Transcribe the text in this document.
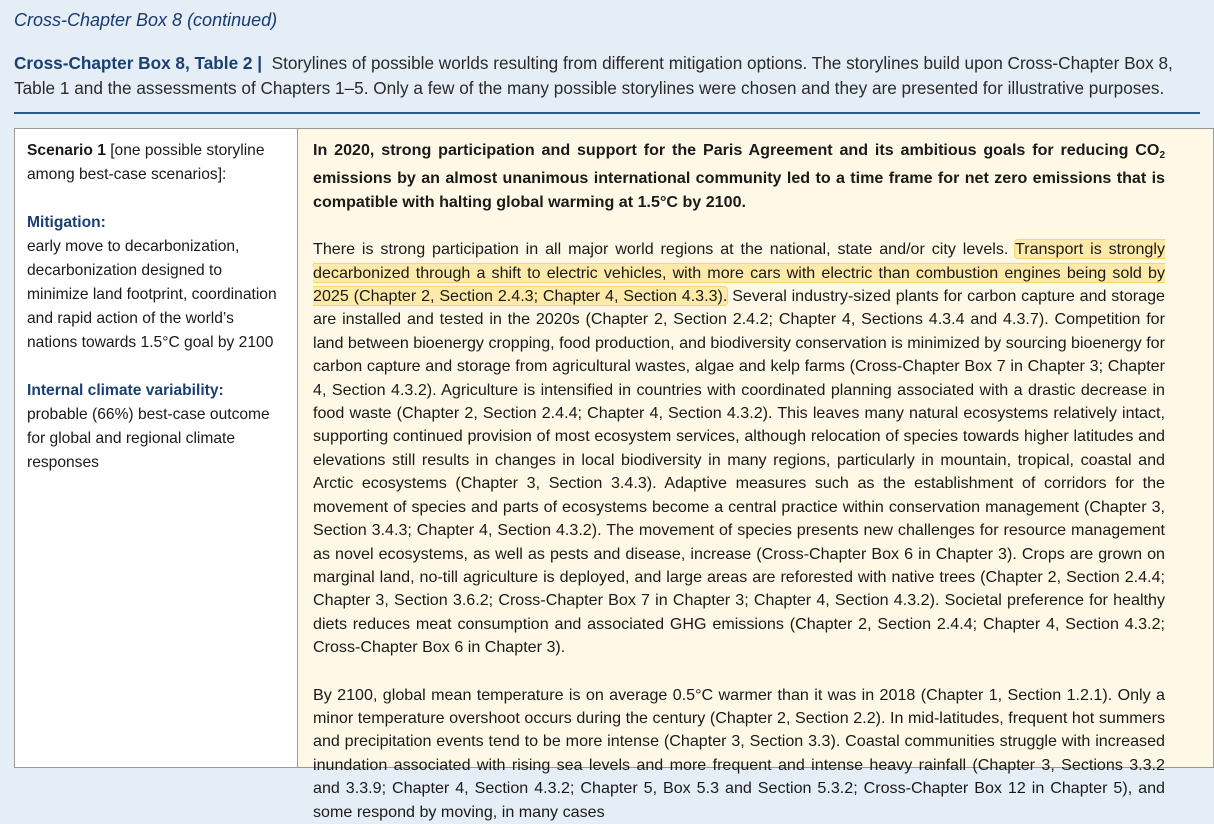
Cross-Chapter Box 8 (continued)
Cross-Chapter Box 8, Table 2 | Storylines of possible worlds resulting from different mitigation options. The storylines build upon Cross-Chapter Box 8, Table 1 and the assessments of Chapters 1–5. Only a few of the many possible storylines were chosen and they are presented for illustrative purposes.
Scenario 1 [one possible storyline among best-case scenarios]:
Mitigation:
early move to decarbonization, decarbonization designed to minimize land footprint, coordination and rapid action of the world’s nations towards 1.5°C goal by 2100
Internal climate variability:
probable (66%) best-case outcome for global and regional climate responses

In 2020, strong participation and support for the Paris Agreement and its ambitious goals for reducing $CO_2$ emissions by an almost unanimous international community led to a time frame for net zero emissions that is compatible with halting global warming at 1.5°C by 2100.

There is strong participation in all major world regions at the national, state and/or city levels. Transport is strongly decarbonized through a shift to electric vehicles, with more cars with electric than combustion engines being sold by 2025 (Chapter 2, Section 2.4.3; Chapter 4, Section 4.3.3). Several industry-sized plants for carbon capture and storage are installed and tested in the 2020s (Chapter 2, Section 2.4.2; Chapter 4, Sections 4.3.4 and 4.3.7). Competition for land between bioenergy cropping, food production, and biodiversity conservation is minimized by sourcing bioenergy for carbon capture and storage from agricultural wastes, algae and kelp farms (Cross-Chapter Box 7 in Chapter 3; Chapter 4, Section 4.3.2). Agriculture is intensified in countries with coordinated planning associated with a drastic decrease in food waste (Chapter 2, Section 2.4.4; Chapter 4, Section 4.3.2). This leaves many natural ecosystems relatively intact, supporting continued provision of most ecosystem services, although relocation of species towards higher latitudes and elevations still results in changes in local biodiversity in many regions, particularly in mountain, tropical, coastal and Arctic ecosystems (Chapter 3, Section 3.4.3). Adaptive measures such as the establishment of corridors for the movement of species and parts of ecosystems become a central practice within conservation management (Chapter 3, Section 3.4.3; Chapter 4, Section 4.3.2). The movement of species presents new challenges for resource management as novel ecosystems, as well as pests and disease, increase (Cross-Chapter Box 6 in Chapter 3). Crops are grown on marginal land, no-till agriculture is deployed, and large areas are reforested with native trees (Chapter 2, Section 2.4.4; Chapter 3, Section 3.6.2; Cross-Chapter Box 7 in Chapter 3; Chapter 4, Section 4.3.2). Societal preference for healthy diets reduces meat consumption and associated GHG emissions (Chapter 2, Section 2.4.4; Chapter 4, Section 4.3.2; Cross-Chapter Box 6 in Chapter 3).

By 2100, global mean temperature is on average 0.5°C warmer than it was in 2018 (Chapter 1, Section 1.2.1). Only a minor temperature overshoot occurs during the century (Chapter 2, Section 2.2). In mid-latitudes, frequent hot summers and precipitation events tend to be more intense (Chapter 3, Section 3.3). Coastal communities struggle with increased inundation associated with rising sea levels and more frequent and intense heavy rainfall (Chapter 3, Sections 3.3.2 and 3.3.9; Chapter 4, Section 4.3.2; Chapter 5, Box 5.3 and Section 5.3.2; Cross-Chapter Box 12 in Chapter 5), and some respond by moving, in many cases
